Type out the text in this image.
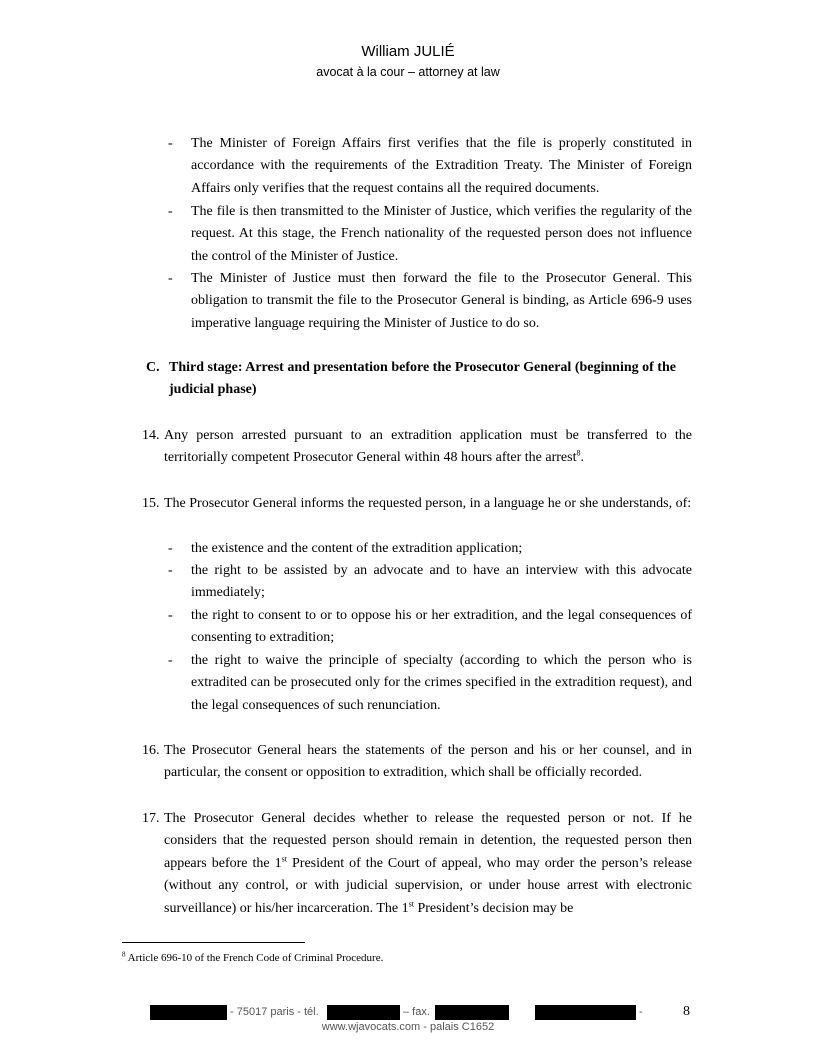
William JULIÉ
avocat à la cour – attorney at law
-	The Minister of Foreign Affairs first verifies that the file is properly constituted in accordance with the requirements of the Extradition Treaty. The Minister of Foreign Affairs only verifies that the request contains all the required documents.
-	The file is then transmitted to the Minister of Justice, which verifies the regularity of the request. At this stage, the French nationality of the requested person does not influence the control of the Minister of Justice.
-	The Minister of Justice must then forward the file to the Prosecutor General. This obligation to transmit the file to the Prosecutor General is binding, as Article 696-9 uses imperative language requiring the Minister of Justice to do so.
C. Third stage: Arrest and presentation before the Prosecutor General (beginning of the judicial phase)
14. Any person arrested pursuant to an extradition application must be transferred to the territorially competent Prosecutor General within 48 hours after the arrest$^8$.
15. The Prosecutor General informs the requested person, in a language he or she understands, of:
-	the existence and the content of the extradition application;
-	the right to be assisted by an advocate and to have an interview with this advocate immediately;
-	the right to consent to or to oppose his or her extradition, and the legal consequences of consenting to extradition;
-	the right to waive the principle of specialty (according to which the person who is extradited can be prosecuted only for the crimes specified in the extradition request), and the legal consequences of such renunciation.
16. The Prosecutor General hears the statements of the person and his or her counsel, and in particular, the consent or opposition to extradition, which shall be officially recorded.
17. The Prosecutor General decides whether to release the requested person or not. If he considers that the requested person should remain in detention, the requested person then appears before the 1st President of the Court of appeal, who may order the person’s release (without any control, or with judicial supervision, or under house arrest with electronic surveillance) or his/her incarceration. The 1st President’s decision may be
$^8$ Article 696-10 of the French Code of Criminal Procedure.
- 75017 paris - tél.	– fax.	-	8
www.wjavocats.com - palais C1652
